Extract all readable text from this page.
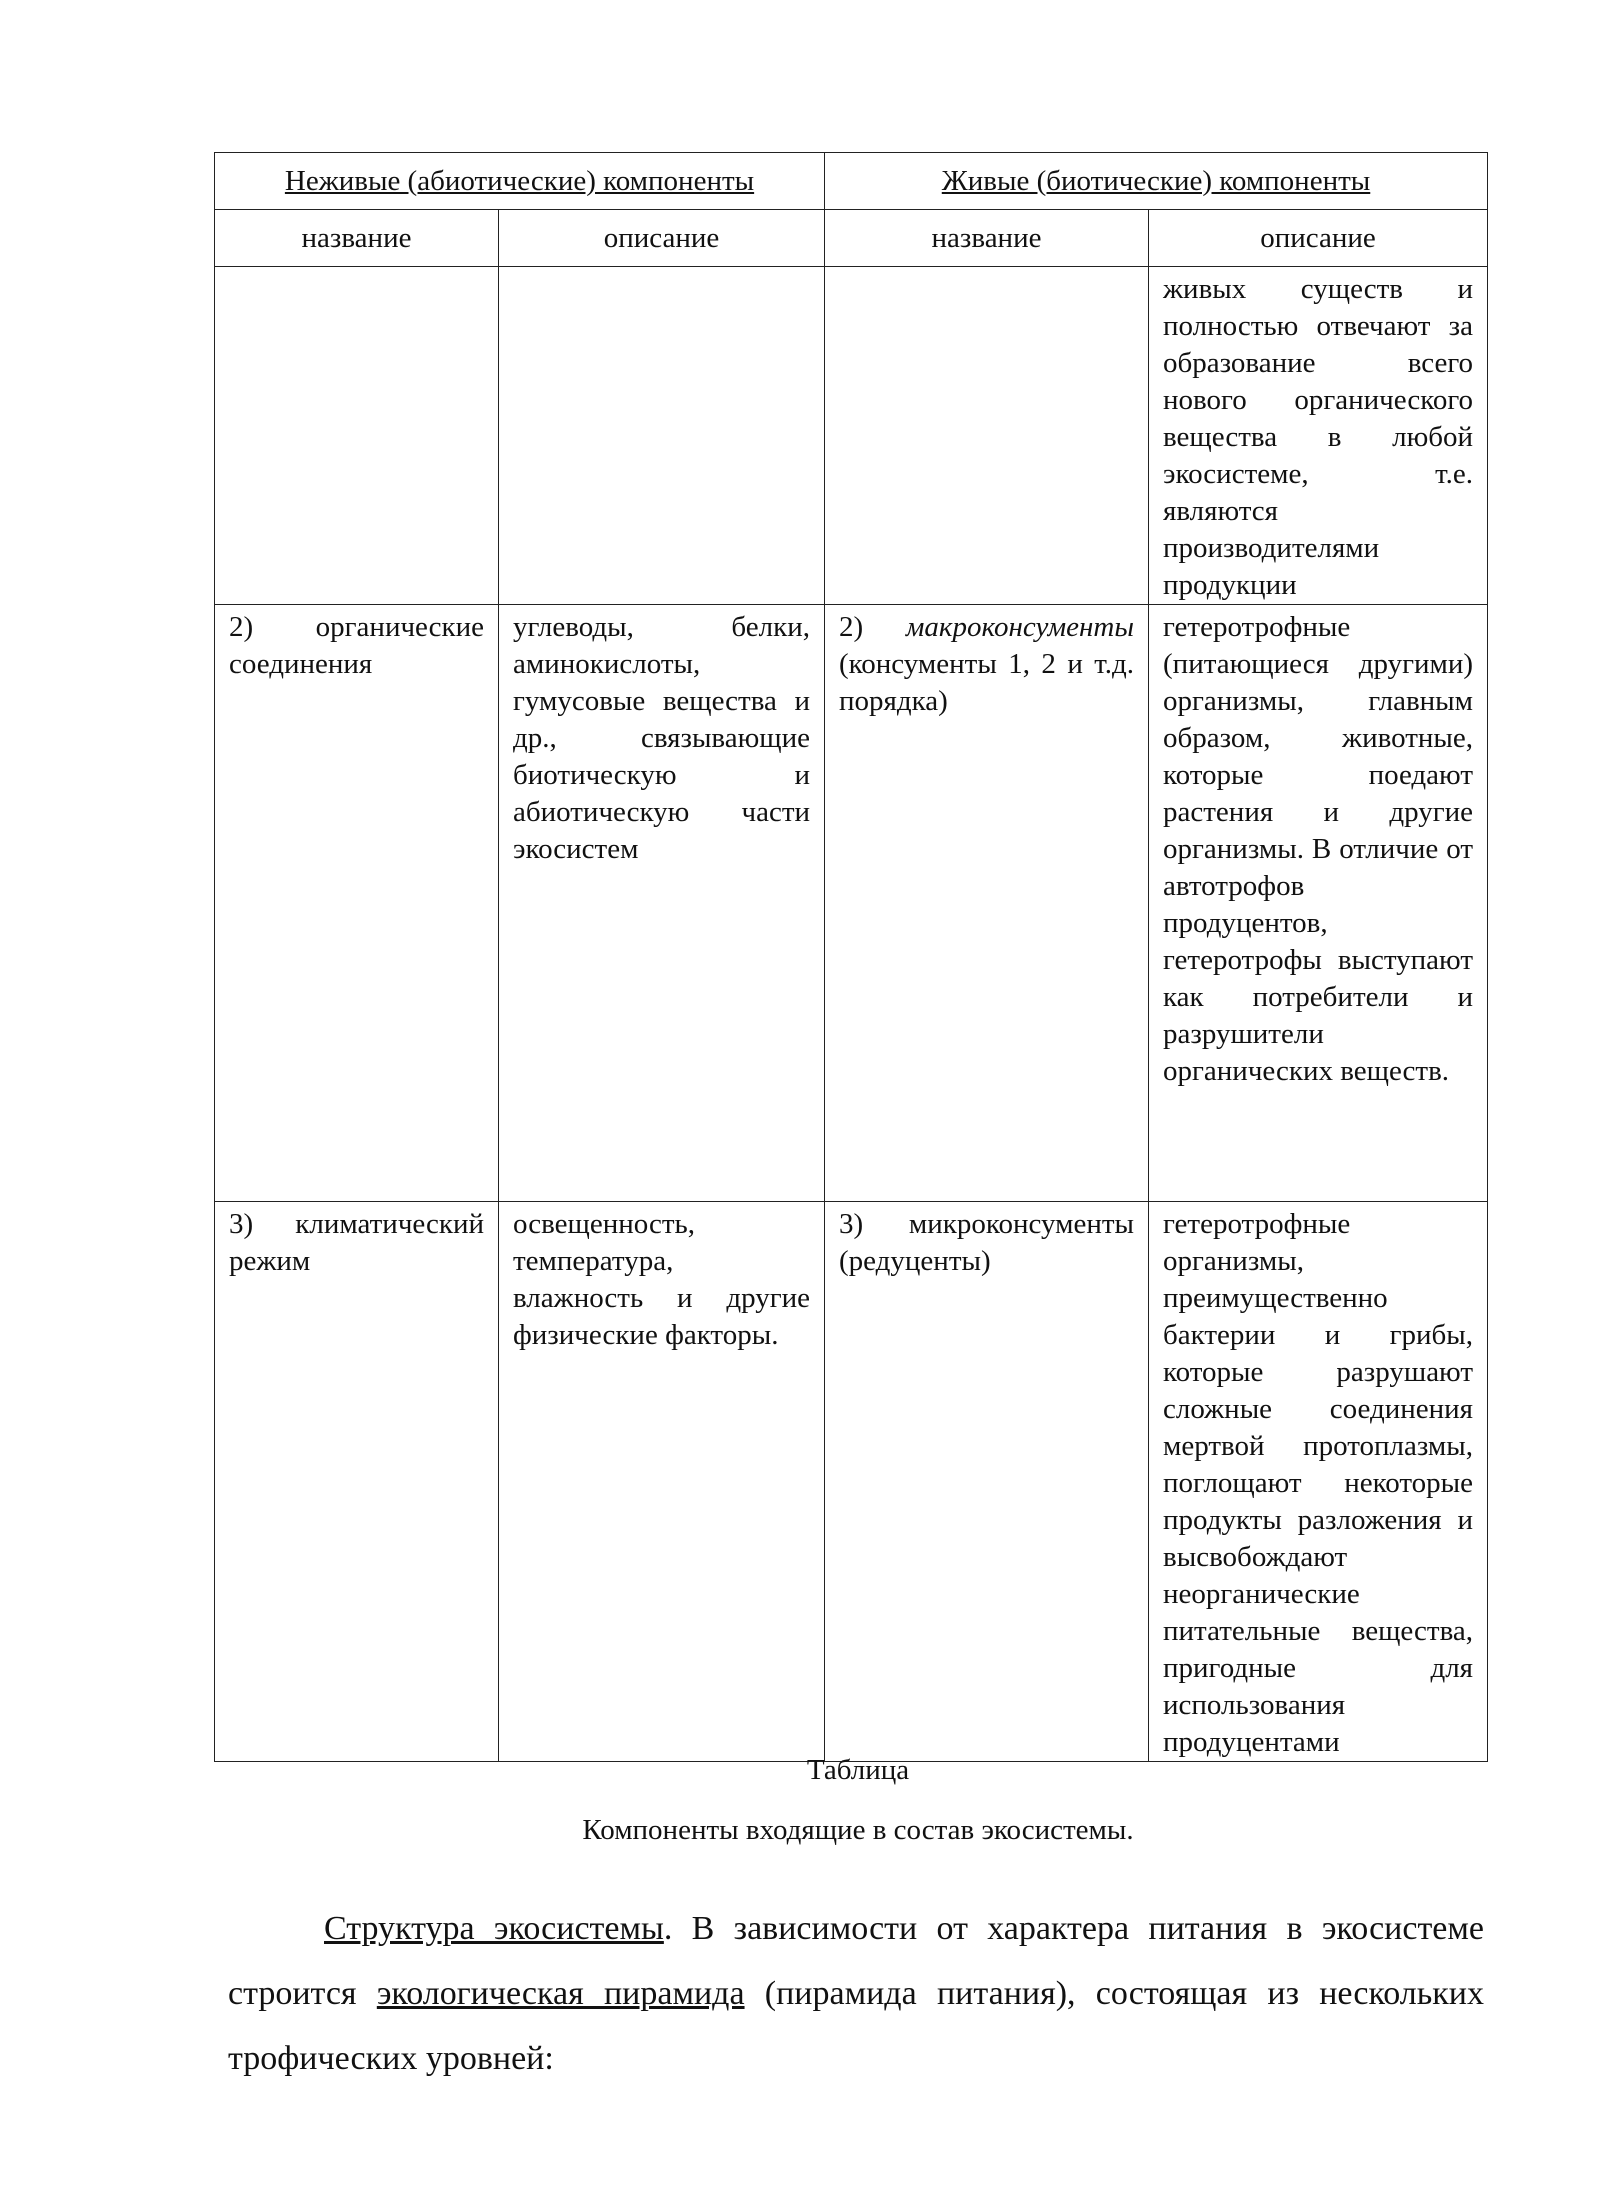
Неживые (абиотические) компоненты		Живые (биотические) компоненты	
название	описание	название	описание

			живых существ и полностью отвечают за образование всего нового органического вещества в любой экосистеме, т.е. являются производителями продукции

2) органические соединения	углеводы, белки, аминокислоты, гумусовые вещества и др., связывающие биотическую и абиотическую части экосистем	2) макроконсументы (консументы 1, 2 и т.д. порядка)	гетеротрофные (питающиеся другими) организмы, главным образом, животные, которые поедают растения и другие организмы. В отличие от автотрофов продуцентов, гетеротрофы выступают как потребители и разрушители органических веществ.

3) климатический режим	освещенность, температура, влажность и другие физические факторы.	3) микроконсументы (редуценты)	гетеротрофные организмы, преимущественно бактерии и грибы, которые разрушают сложные соединения мертвой протоплазмы, поглощают некоторые продукты разложения и высвобождают неорганические питательные вещества, пригодные для использования продуцентами
Таблица
Компоненты входящие в состав экосистемы.

Структура экосистемы. В зависимости от характера питания в экосистеме строится экологическая пирамида (пирамида питания), состоящая из нескольких трофических уровней:
